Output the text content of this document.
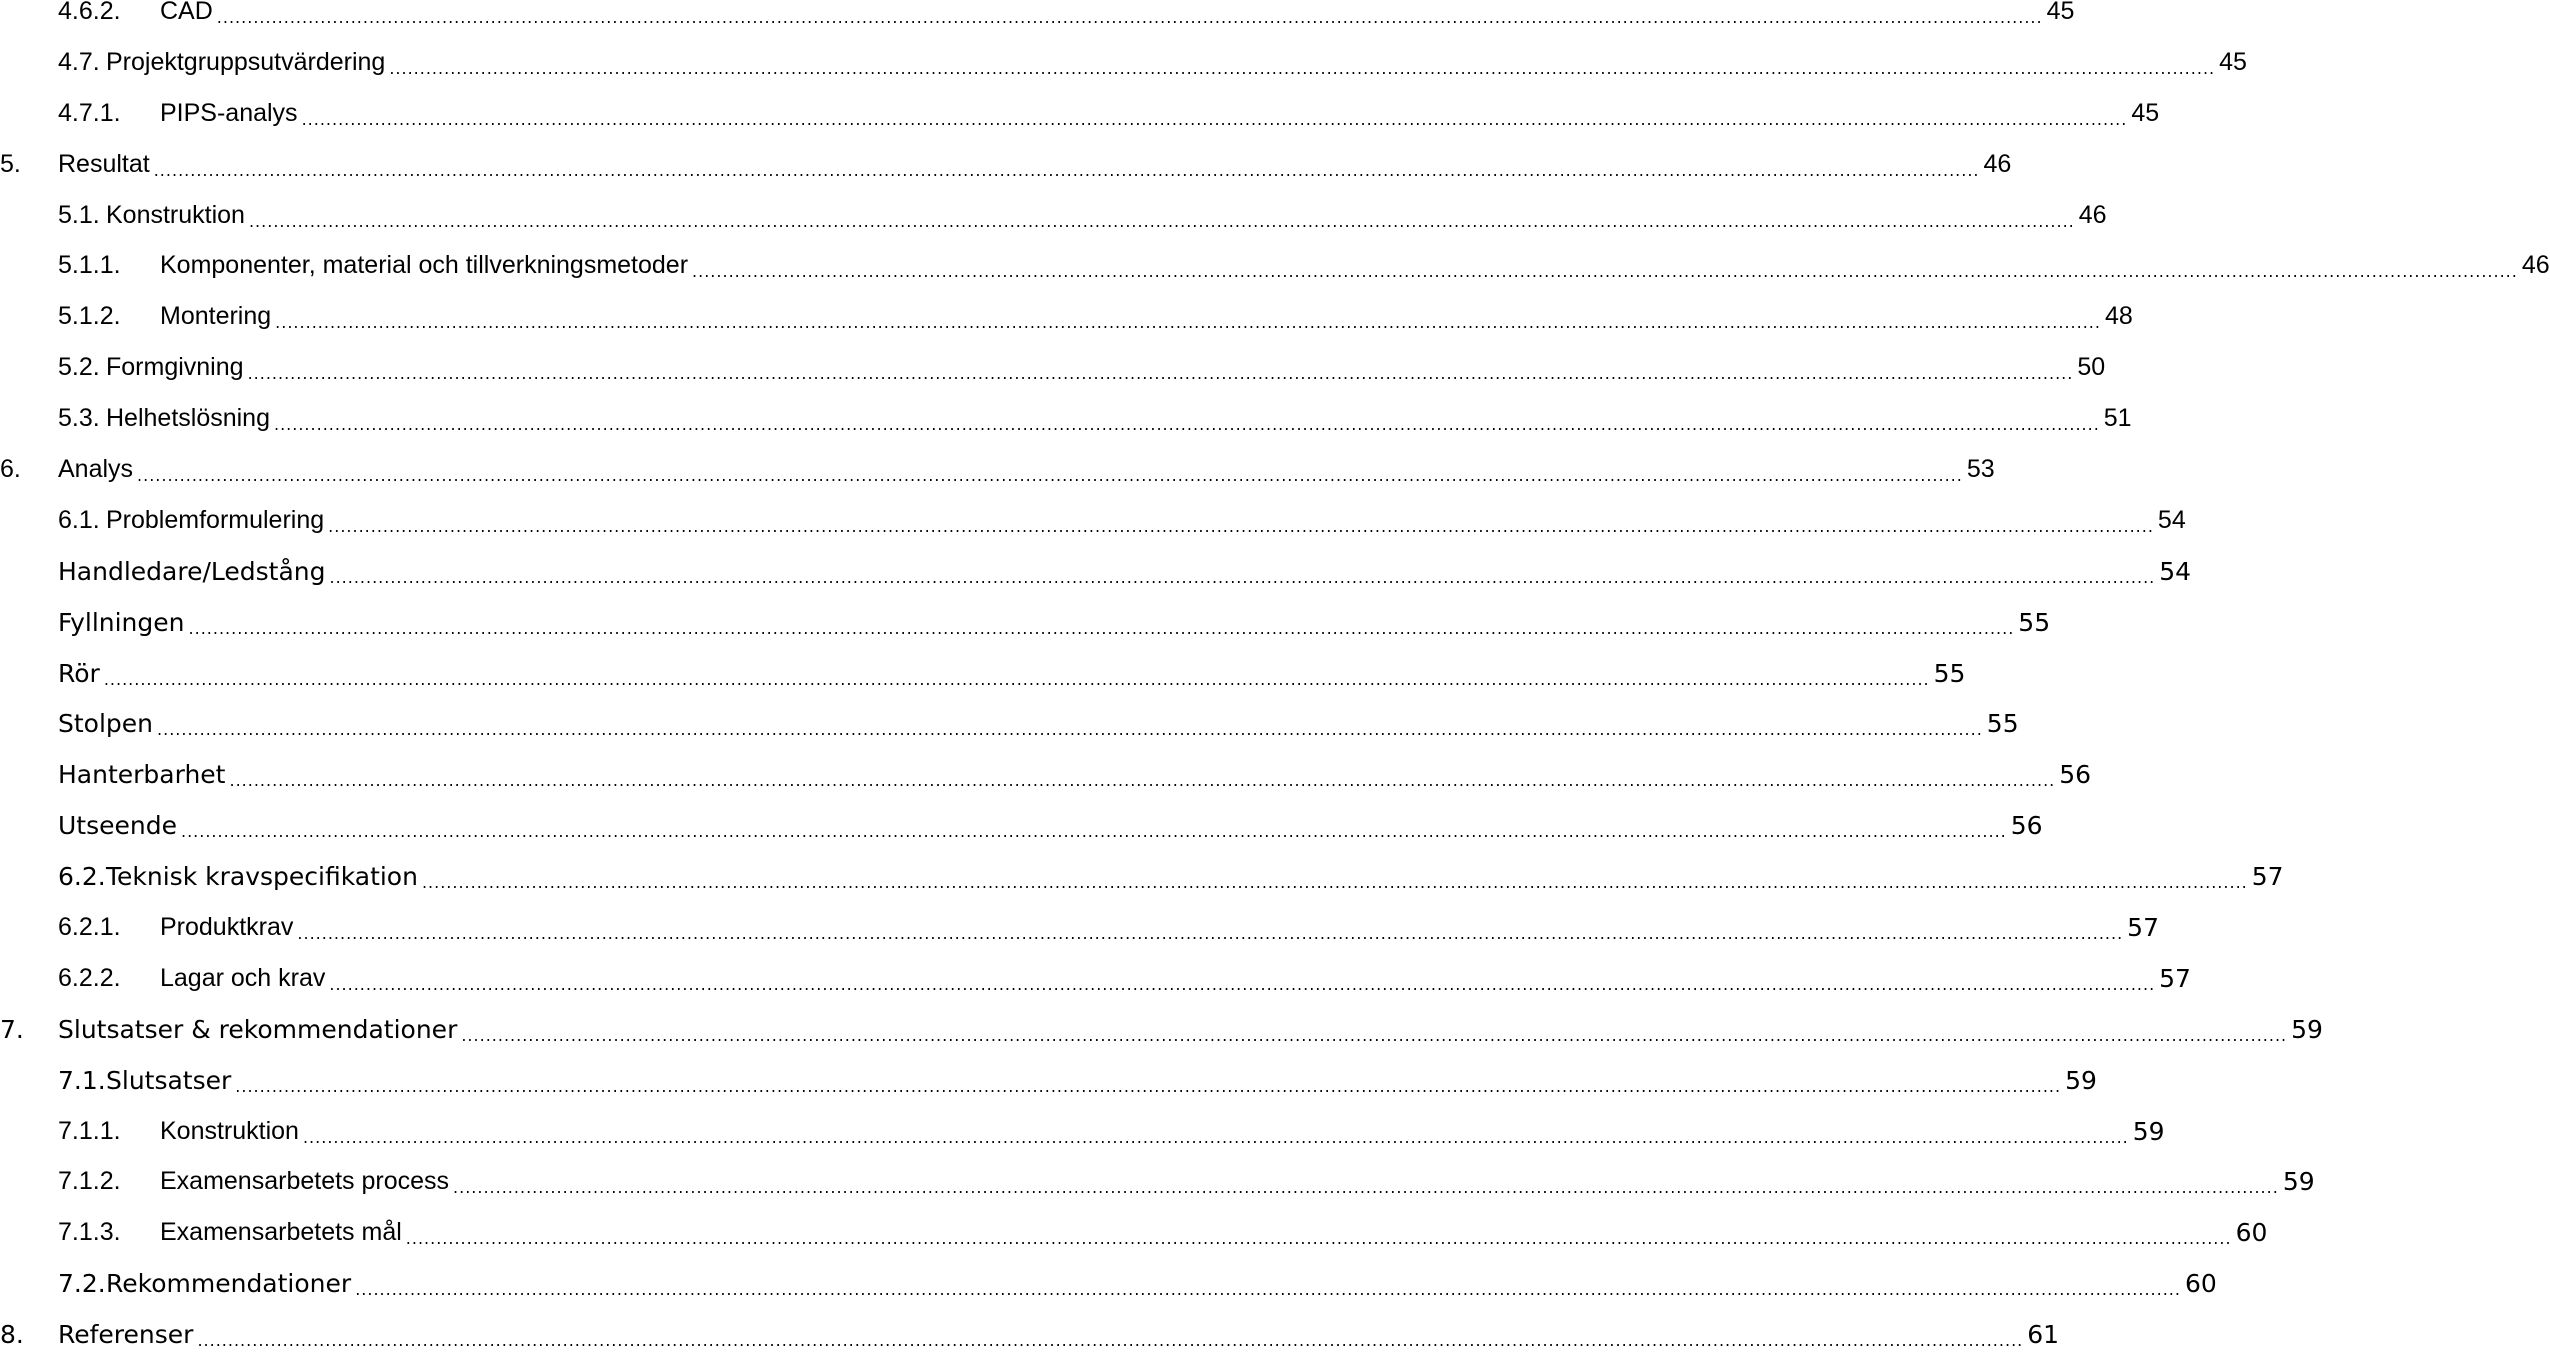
4.6.2.	CAD ............................................................................................................................................................................................................................................................................................................ 45
4.7. Projektgruppsutvärdering ............................................................................................................................................................................................................................................................................................................ 45
4.7.1.	PIPS-analys ............................................................................................................................................................................................................................................................................................................ 45
5.	Resultat ............................................................................................................................................................................................................................................................................................................ 46
5.1. Konstruktion ............................................................................................................................................................................................................................................................................................................ 46
5.1.1.	Komponenter, material och tillverkningsmetoder ............................................................................................................................................................................................................................................................................................................ 46
5.1.2.	Montering ............................................................................................................................................................................................................................................................................................................ 48
5.2. Formgivning ............................................................................................................................................................................................................................................................................................................ 50
5.3. Helhetslösning ............................................................................................................................................................................................................................................................................................................ 51
6.	Analys ............................................................................................................................................................................................................................................................................................................ 53
6.1. Problemformulering ............................................................................................................................................................................................................................................................................................................ 54
Handledare/Ledstång ............................................................................................................................................................................................................................................................................................................ 54
Fyllningen ............................................................................................................................................................................................................................................................................................................ 55
Rör ............................................................................................................................................................................................................................................................................................................ 55
Stolpen ............................................................................................................................................................................................................................................................................................................ 55
Hanterbarhet ............................................................................................................................................................................................................................................................................................................ 56
Utseende ............................................................................................................................................................................................................................................................................................................ 56
6.2. Teknisk kravspecifikation ............................................................................................................................................................................................................................................................................................................ 57
6.2.1.	Produktkrav ............................................................................................................................................................................................................................................................................................................ 57
6.2.2.	Lagar och krav ............................................................................................................................................................................................................................................................................................................ 57
7.	Slutsatser & rekommendationer ............................................................................................................................................................................................................................................................................................................ 59
7.1. Slutsatser ............................................................................................................................................................................................................................................................................................................ 59
7.1.1.	Konstruktion ............................................................................................................................................................................................................................................................................................................ 59
7.1.2.	Examensarbetets process ............................................................................................................................................................................................................................................................................................................ 59
7.1.3.	Examensarbetets mål ............................................................................................................................................................................................................................................................................................................ 60
7.2. Rekommendationer ............................................................................................................................................................................................................................................................................................................ 60
8.	Referenser ............................................................................................................................................................................................................................................................................................................ 61
